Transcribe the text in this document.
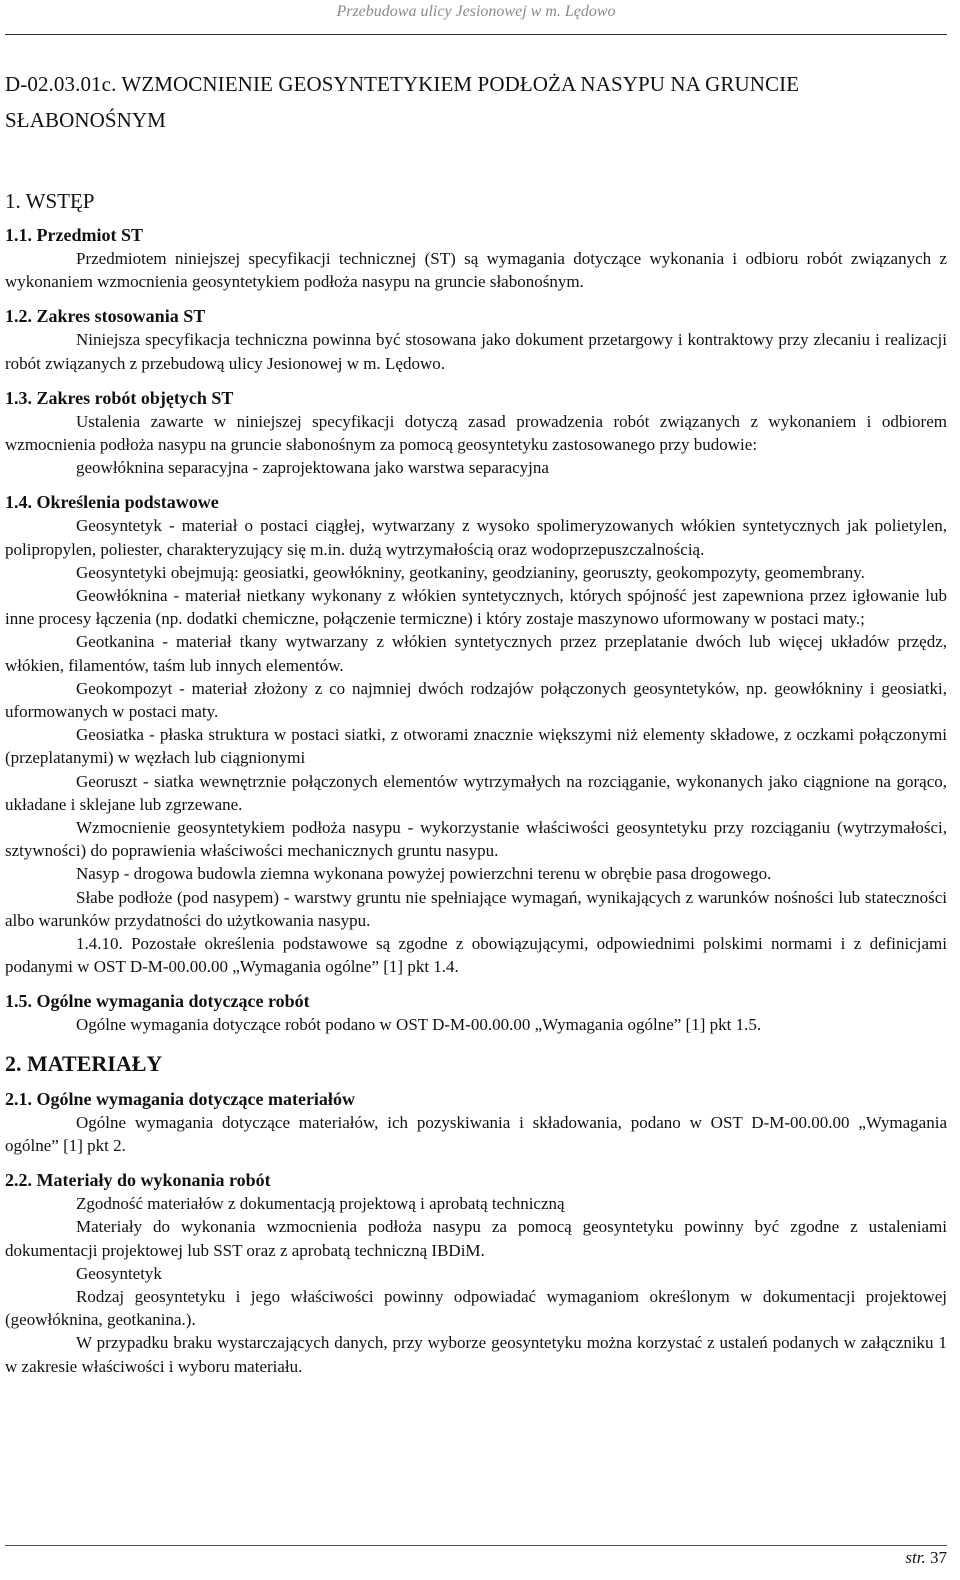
Przebudowa ulicy Jesionowej w m. Lędowo
D-02.03.01c. WZMOCNIENIE GEOSYNTETYKIEM PODŁOŻA NASYPU NA GRUNCIE SŁABONOŚNYM
1. WSTĘP
1.1. Przedmiot ST

Przedmiotem niniejszej specyfikacji technicznej (ST) są wymagania dotyczące wykonania i odbioru robót związanych z wykonaniem wzmocnienia geosyntetykiem podłoża nasypu na gruncie słabonośnym.

1.2. Zakres stosowania ST

Niniejsza specyfikacja techniczna powinna być stosowana jako dokument przetargowy i kontraktowy przy zlecaniu i realizacji robót związanych z przebudową ulicy Jesionowej w m. Lędowo.

1.3. Zakres robót objętych ST

Ustalenia zawarte w niniejszej specyfikacji dotyczą zasad prowadzenia robót związanych z wykonaniem i odbiorem wzmocnienia podłoża nasypu na gruncie słabonośnym za pomocą geosyntetyku zastosowanego przy budowie:

geowłóknina separacyjna - zaprojektowana jako warstwa separacyjna
1.4. Określenia podstawowe

Geosyntetyk - materiał o postaci ciągłej, wytwarzany z wysoko spolimeryzowanych włókien syntetycznych jak polietylen, polipropylen, poliester, charakteryzujący się m.in. dużą wytrzymałością oraz wodoprzepuszczalnością.

Geosyntetyki obejmują: geosiatki, geowłókniny, geotkaniny, geodzianiny, georuszty, geokompozyty, geomembrany.

Geowłóknina - materiał nietkany wykonany z włókien syntetycznych, których spójność jest zapewniona przez igłowanie lub inne procesy łączenia (np. dodatki chemiczne, połączenie termiczne) i który zostaje maszynowo uformowany w postaci maty.;

Geotkanina - materiał tkany wytwarzany z włókien syntetycznych przez przeplatanie dwóch lub więcej układów przędz, włókien, filamentów, taśm lub innych elementów.

Geokompozyt - materiał złożony z co najmniej dwóch rodzajów połączonych geosyntetyków, np. geowłókniny i geosiatki, uformowanych w postaci maty.

Geosiatka - płaska struktura w postaci siatki, z otworami znacznie większymi niż elementy składowe, z oczkami połączonymi (przeplatanymi) w węzłach lub ciągnionymi

Georuszt - siatka wewnętrznie połączonych elementów wytrzymałych na rozciąganie, wykonanych jako ciągnione na gorąco, układane i sklejane lub zgrzewane.

Wzmocnienie geosyntetykiem podłoża nasypu - wykorzystanie właściwości geosyntetyku przy rozciąganiu (wytrzymałości, sztywności) do poprawienia właściwości mechanicznych gruntu nasypu.

Nasyp - drogowa budowla ziemna wykonana powyżej powierzchni terenu w obrębie pasa drogowego.

Słabe podłoże (pod nasypem) - warstwy gruntu nie spełniające wymagań, wynikających z warunków nośności lub stateczności albo warunków przydatności do użytkowania nasypu.

1.4.10. Pozostałe określenia podstawowe są zgodne z obowiązującymi, odpowiednimi polskimi normami i z definicjami podanymi w OST D-M-00.00.00 „Wymagania ogólne” [1] pkt 1.4.

1.5. Ogólne wymagania dotyczące robót
Ogólne wymagania dotyczące robót podano w OST D-M-00.00.00 „Wymagania ogólne” [1] pkt 1.5.
2. MATERIAŁY
2.1. Ogólne wymagania dotyczące materiałów

Ogólne wymagania dotyczące materiałów, ich pozyskiwania i składowania, podano w OST D-M-00.00.00 „Wymagania ogólne” [1] pkt 2.

2.2. Materiały do wykonania robót
Zgodność materiałów z dokumentacją projektową i aprobatą techniczną

Materiały do wykonania wzmocnienia podłoża nasypu za pomocą geosyntetyku powinny być zgodne z ustaleniami dokumentacji projektowej lub SST oraz z aprobatą techniczną IBDiM.

Geosyntetyk

Rodzaj geosyntetyku i jego właściwości powinny odpowiadać wymaganiom określonym w dokumentacji projektowej (geowłóknina, geotkanina.).

W przypadku braku wystarczających danych, przy wyborze geosyntetyku można korzystać z ustaleń podanych w załączniku 1 w zakresie właściwości i wyboru materiału.

str. 37
